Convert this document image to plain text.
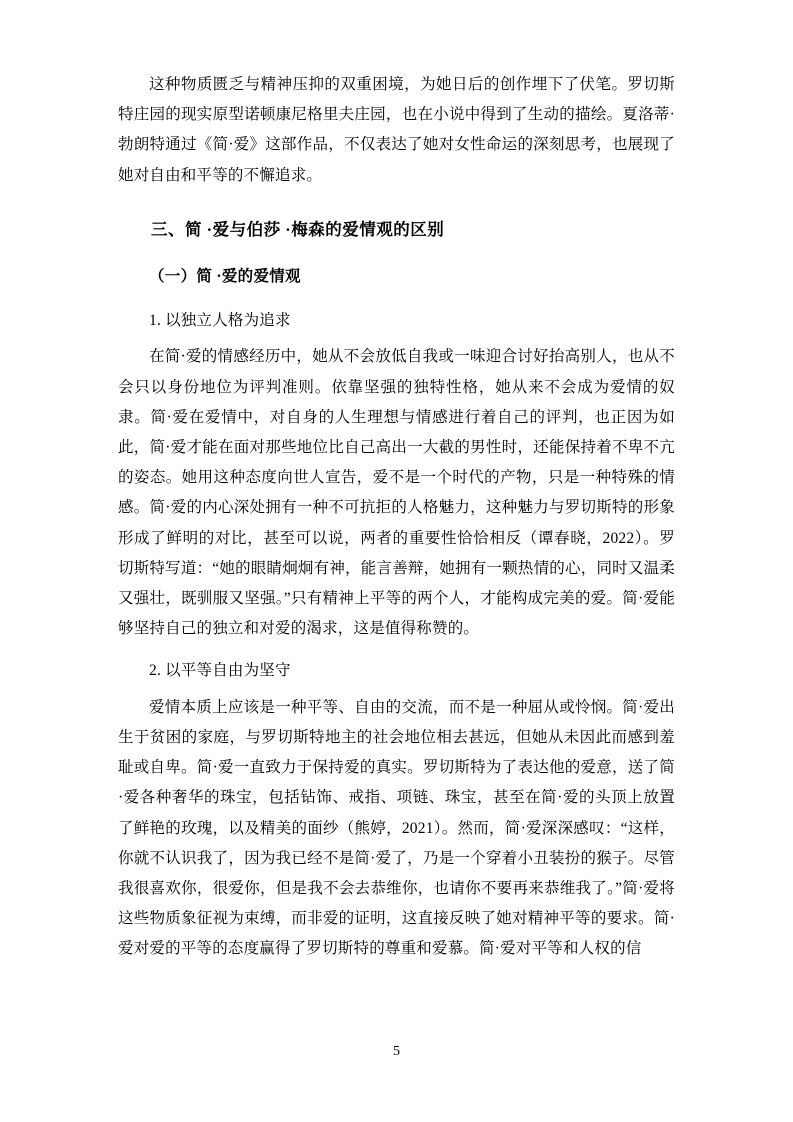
这种物质匮乏与精神压抑的双重困境，为她日后的创作埋下了伏笔。罗切斯特庄园的现实原型诺顿康尼格里夫庄园，也在小说中得到了生动的描绘。夏洛蒂·勃朗特通过《简·爱》这部作品，不仅表达了她对女性命运的深刻思考，也展现了她对自由和平等的不懈追求。

三、简 ·爱与伯莎 ·梅森的爱情观的区别
（一）简 ·爱的爱情观

1. 以独立人格为追求

在简·爱的情感经历中，她从不会放低自我或一味迎合讨好抬高别人，也从不会只以身份地位为评判准则。依靠坚强的独特性格，她从来不会成为爱情的奴隶。简·爱在爱情中，对自身的人生理想与情感进行着自己的评判，也正因为如此，简·爱才能在面对那些地位比自己高出一大截的男性时，还能保持着不卑不亢的姿态。她用这种态度向世人宣告，爱不是一个时代的产物，只是一种特殊的情感。简·爱的内心深处拥有一种不可抗拒的人格魅力，这种魅力与罗切斯特的形象形成了鲜明的对比，甚至可以说，两者的重要性恰恰相反（谭春晓，2022）。罗切斯特写道：“她的眼睛炯炯有神，能言善辩，她拥有一颗热情的心，同时又温柔又强壮，既驯服又坚强。”只有精神上平等的两个人，才能构成完美的爱。简·爱能够坚持自己的独立和对爱的渴求，这是值得称赞的。

2. 以平等自由为坚守

爱情本质上应该是一种平等、自由的交流，而不是一种屈从或怜悯。简·爱出生于贫困的家庭，与罗切斯特地主的社会地位相去甚远，但她从未因此而感到羞耻或自卑。简·爱一直致力于保持爱的真实。罗切斯特为了表达他的爱意，送了简·爱各种奢华的珠宝，包括钻饰、戒指、项链、珠宝，甚至在简·爱的头顶上放置了鲜艳的玫瑰，以及精美的面纱（熊婷，2021）。然而，简·爱深深感叹：“这样，你就不认识我了，因为我已经不是简·爱了，乃是一个穿着小丑装扮的猴子。尽管我很喜欢你，很爱你，但是我不会去恭维你，也请你不要再来恭维我了。”简·爱将这些物质象征视为束缚，而非爱的证明，这直接反映了她对精神平等的要求。简·爱对爱的平等的态度赢得了罗切斯特的尊重和爱慕。简·爱对平等和人权的信

5
